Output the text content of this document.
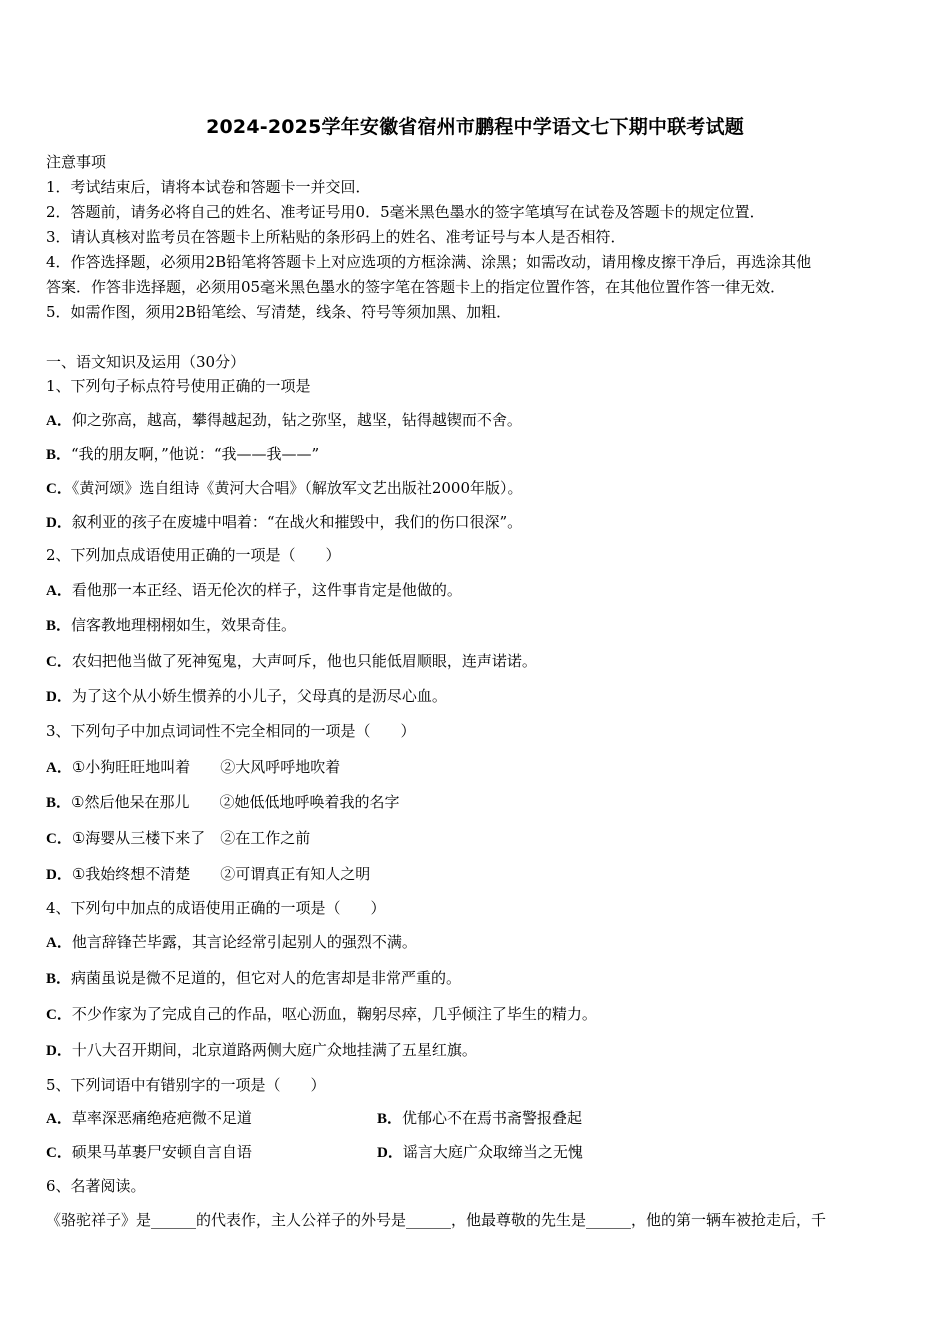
2024-2025学年安徽省宿州市鹏程中学语文七下期中联考试题
注意事项
1．考试结束后，请将本试卷和答题卡一并交回．
2．答题前，请务必将自己的姓名、准考证号用0．5毫米黑色墨水的签字笔填写在试卷及答题卡的规定位置．
3．请认真核对监考员在答题卡上所粘贴的条形码上的姓名、准考证号与本人是否相符．
4．作答选择题，必须用2B铅笔将答题卡上对应选项的方框涂满、涂黑；如需改动，请用橡皮擦干净后，再选涂其他
答案．作答非选择题，必须用05毫米黑色墨水的签字笔在答题卡上的指定位置作答，在其他位置作答一律无效．
5．如需作图，须用2B铅笔绘、写清楚，线条、符号等须加黑、加粗．
一、语文知识及运用（30分）
1、下列句子标点符号使用正确的一项是
A．仰之弥高，越高，攀得越起劲，钻之弥坚，越坚，钻得越锲而不舍。
B．“我的朋友啊，”他说：“我——我——”
C．《黄河颂》选自组诗《黄河大合唱》（解放军文艺出版社2000年版）。
D．叙利亚的孩子在废墟中唱着：“在战火和摧毁中，我们的伤口很深”。
2、下列加点成语使用正确的一项是（　　）
A．看他那一本正经、语无伦次的样子，这件事肯定是他做的。
B．信客教地理栩栩如生，效果奇佳。
C．农妇把他当做了死神冤鬼，大声呵斥，他也只能低眉顺眼，连声诺诺。
D．为了这个从小娇生惯养的小儿子，父母真的是沥尽心血。
3、下列句子中加点词词性不完全相同的一项是（　　）
A．①小狗旺旺地叫着　　②大风呼呼地吹着
B．①然后他呆在那儿　　②她低低地呼唤着我的名字
C．①海婴从三楼下来了　②在工作之前
D．①我始终想不清楚　　②可谓真正有知人之明
4、下列句中加点的成语使用正确的一项是（　　）
A．他言辞锋芒毕露，其言论经常引起别人的强烈不满。
B．病菌虽说是微不足道的，但它对人的危害却是非常严重的。
C．不少作家为了完成自己的作品，呕心沥血，鞠躬尽瘁，几乎倾注了毕生的精力。
D．十八大召开期间，北京道路两侧大庭广众地挂满了五星红旗。
5、下列词语中有错别字的一项是（　　）
A．草率深恶痛绝疮疤微不足道	B．优郁心不在焉书斋警报叠起
C．硕果马革裹尸安顿自言自语	D．谣言大庭广众取缔当之无愧
6、名著阅读。
《骆驼祥子》是______的代表作，主人公祥子的外号是______，他最尊敬的先生是______，他的第一辆车被抢走后，千
